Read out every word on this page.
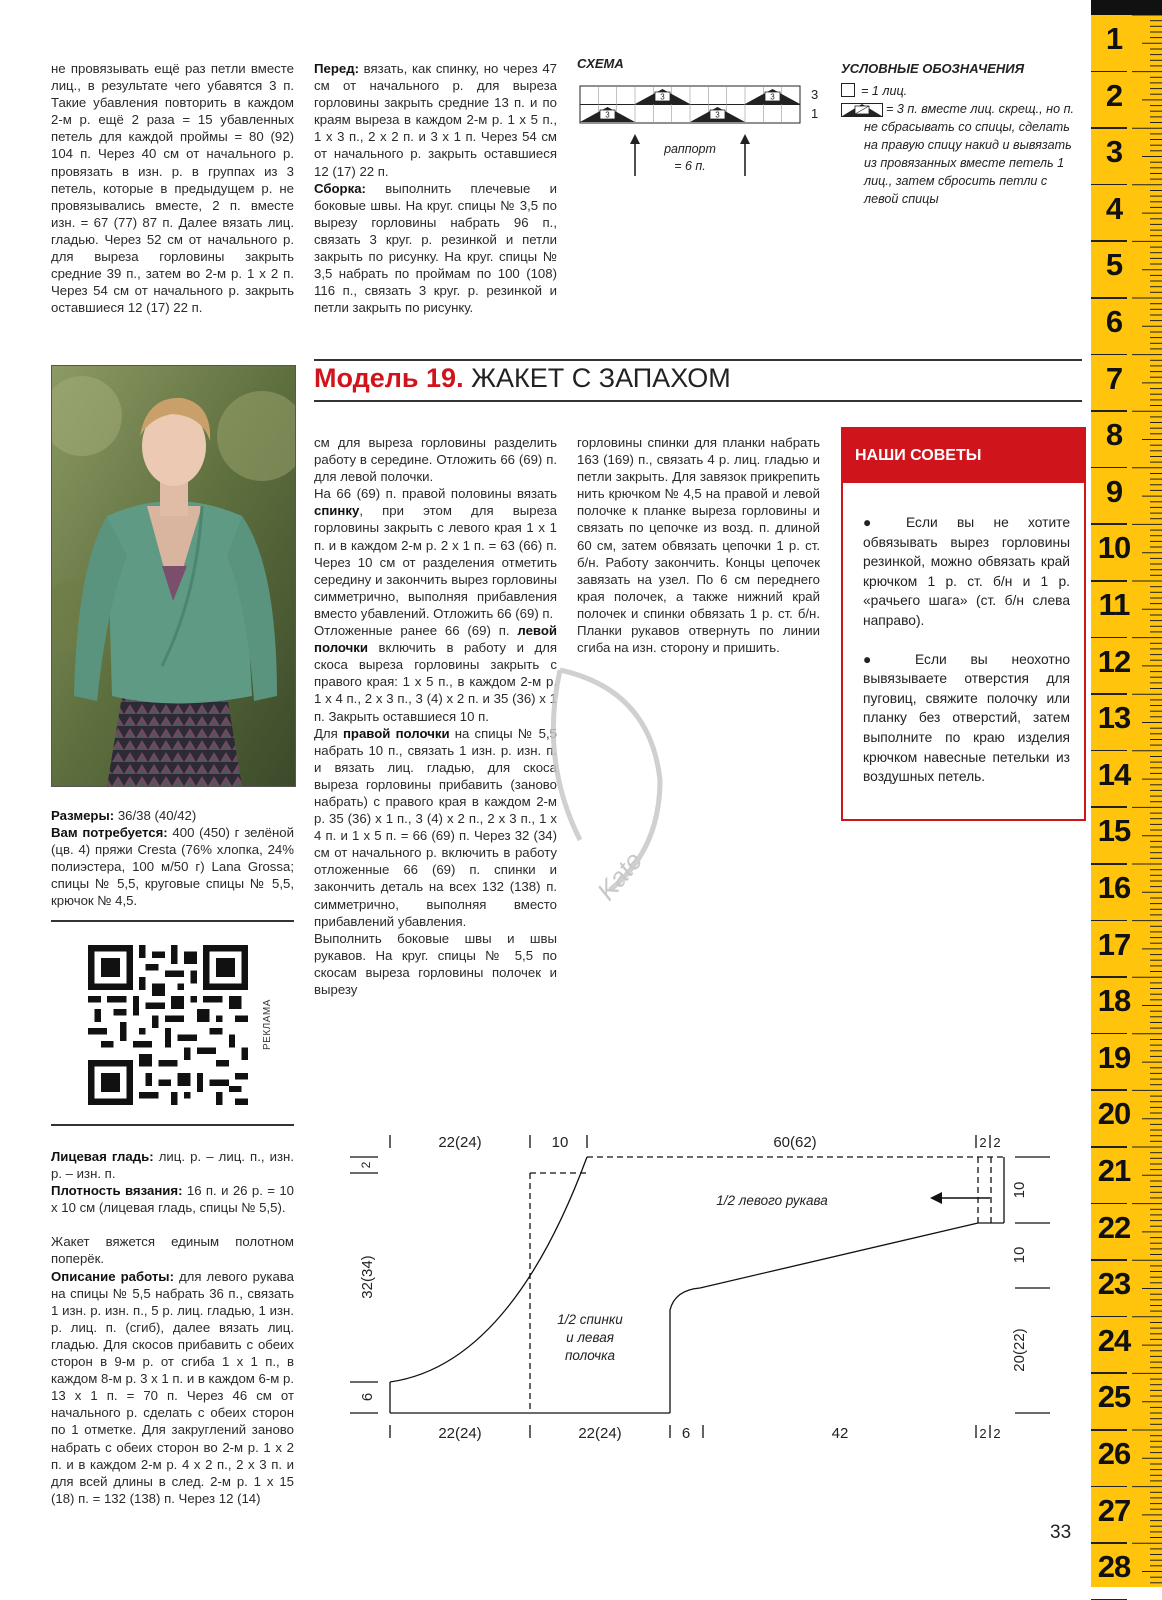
не провязывать ещё раз петли вместе лиц., в результате чего убавятся 3 п. Такие убавления повторить в каждом 2-м р. ещё 2 раза = 15 убавленных петель для каждой проймы = 80 (92) 104 п. Через 40 см от начального р. провязать в изн. р. в группах из 3 петель, которые в предыдущем р. не провязывались вместе, 2 п. вместе изн. = 67 (77) 87 п. Далее вязать лиц. гладью. Через 52 см от начального р. для выреза горловины закрыть средние 39 п., затем во 2-м р. 1 х 2 п. Через 54 см от начального р. закрыть оставшиеся 12 (17) 22 п.

Перед: вязать, как спинку, но через 47 см от начального р. для выреза горловины закрыть средние 13 п. и по краям выреза в каждом 2-м р. 1 х 5 п., 1 х 3 п., 2 х 2 п. и 3 х 1 п. Через 54 см от начального р. закрыть оставшиеся 12 (17) 22 п.

Сборка: выполнить плечевые и боковые швы. На круг. спицы № 3,5 по вырезу горловины набрать 96 п., связать 3 круг. р. резинкой и петли закрыть по рисунку. На круг. спицы № 3,5 набрать по проймам по 100 (108) 116 п., связать 3 круг. р. резинкой и петли закрыть по рисунку.

СХЕМА
3	3
3	3
3
1
раппорт
= 6 п.
УСЛОВНЫЕ ОБОЗНАЧЕНИЯ
= 1 лиц.
= 3 п. вместе лиц. скрещ., но п. не сбрасывать со спицы, сделать на правую спицу накид и вывязать из провязанных вместе петель 1 лиц., затем сбросить петли с левой спицы
Модель 19. ЖАКЕТ С ЗАПАХОМ

Размеры: 36/38 (40/42)

Вам потребуется: 400 (450) г зелёной (цв. 4) пряжи Cresta (76% хлопка, 24% полиэстера, 100 м/50 г) Lana Grossa; спицы № 5,5, круговые спицы № 5,5, крючок № 4,5.

РЕКЛАМА

Лицевая гладь: лиц. р. – лиц. п., изн. р. – изн. п.

Плотность вязания: 16 п. и 26 р. = 10 х 10 см (лицевая гладь, спицы № 5,5).

Жакет вяжется единым полотном поперёк.

Описание работы: для левого рукава на спицы № 5,5 набрать 36 п., связать 1 изн. р. изн. п., 5 р. лиц. гладью, 1 изн. р. лиц. п. (сгиб), далее вязать лиц. гладью. Для скосов прибавить с обеих сторон в 9-м р. от сгиба 1 х 1 п., в каждом 8-м р. 3 х 1 п. и в каждом 6-м р. 13 х 1 п. = 70 п. Через 46 см от начального р. сделать с обеих сторон по 1 отметке. Для закруглений заново набрать с обеих сторон во 2-м р. 1 х 2 п. и в каждом 2-м р. 4 х 2 п., 2 х 3 п. и для всей длины в след. 2-м р. 1 х 15 (18) п. = 132 (138) п. Через 12 (14)

см для выреза горловины разделить работу в середине. Отложить 66 (69) п. для левой полочки.

На 66 (69) п. правой половины вязать спинку, при этом для выреза горловины закрыть с левого края 1 х 1 п. и в каждом 2-м р. 2 х 1 п. = 63 (66) п. Через 10 см от разделения отметить середину и закончить вырез горловины симметрично, выполняя прибавления вместо убавлений. Отложить 66 (69) п.

Отложенные ранее 66 (69) п. левой полочки включить в работу и для скоса выреза горловины закрыть с правого края: 1 х 5 п., в каждом 2-м р. 1 х 4 п., 2 х 3 п., 3 (4) х 2 п. и 35 (36) х 1 п. Закрыть оставшиеся 10 п.

Для правой полочки на спицы № 5,5 набрать 10 п., связать 1 изн. р. изн. п. и вязать лиц. гладью, для скоса выреза горловины прибавить (заново набрать) с правого края в каждом 2-м р. 35 (36) х 1 п., 3 (4) х 2 п., 2 х 3 п., 1 х 4 п. и 1 х 5 п. = 66 (69) п. Через 32 (34) см от начального р. включить в работу отложенные 66 (69) п. спинки и закончить деталь на всех 132 (138) п. симметрично, выполняя вместо прибавлений убавления.

Выполнить боковые швы и швы рукавов. На круг. спицы № 5,5 по скосам выреза горловины полочек и вырезу

горловины спинки для планки набрать 163 (169) п., связать 4 р. лиц. гладью и петли закрыть. Для завязок прикрепить нить крючком № 4,5 на правой и левой полочке к планке выреза горловины и связать по цепочке из возд. п. длиной 60 см, затем обвязать цепочки 1 р. ст. б/н. Работу закончить. Концы цепочек завязать на узел. По 6 см переднего края полочек, а также нижний край полочек и спинки обвязать 1 р. ст. б/н. Планки рукавов отвернуть по линии сгиба на изн. сторону и пришить.

НАШИ СОВЕТЫ

● Если вы не хотите обвязывать вырез горловины резинкой, можно обвязать край крючком 1 р. ст. б/н и 1 р. «рачьего шага» (ст. б/н слева направо).

● Если вы неохотно вывязываете отверстия для пуговиц, свяжите полочку или планку без отверстий, затем выполните по краю изделия крючком навесные петельки из воздушных петель.

Kate
22(24)	10	60(62)	2 2
22(24)	22(24)	6	42	2 2
2
32(34)
6
10
10
20(22)
1/2 левого рукава
1/2 спинки
и левая
полочка
33
1
2
3
4
5
6
7
8
9
10
11
12
13
14
15
16
17
18
19
20
21
22
23
24
25
26
27
28
